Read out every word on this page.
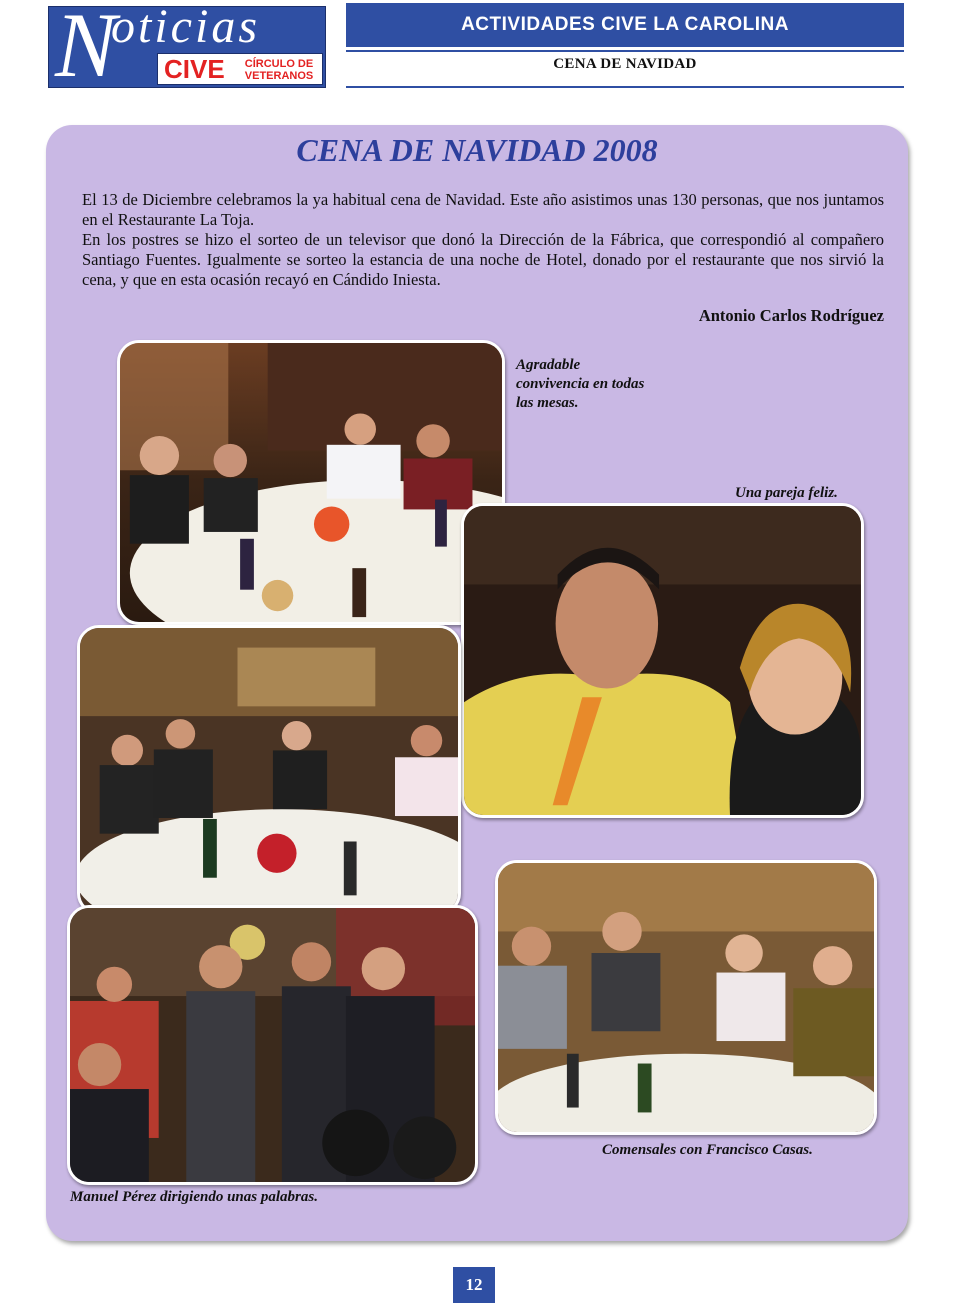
N
oticias
CIVE	CÍRCULO DE VETERANOS
ACTIVIDADES CIVE LA CAROLINA
CENA DE NAVIDAD
CENA DE NAVIDAD 2008

El 13 de Diciembre celebramos la ya habitual cena de Navidad. Este año asistimos unas 130 personas, que nos juntamos en el Restaurante La Toja.

En los postres se hizo el sorteo de un televisor que donó la Dirección de la Fábrica, que correspondió al compañero Santiago Fuentes. Igualmente se sorteo la estancia de una noche de Hotel, donado por el restaurante que nos sirvió la cena, y que en esta ocasión recayó en Cándido Iniesta.

Antonio Carlos Rodríguez
Agradable convivencia en todas las mesas.
Una pareja feliz.
Comensales con Francisco Casas.
Manuel Pérez dirigiendo unas palabras.
12
